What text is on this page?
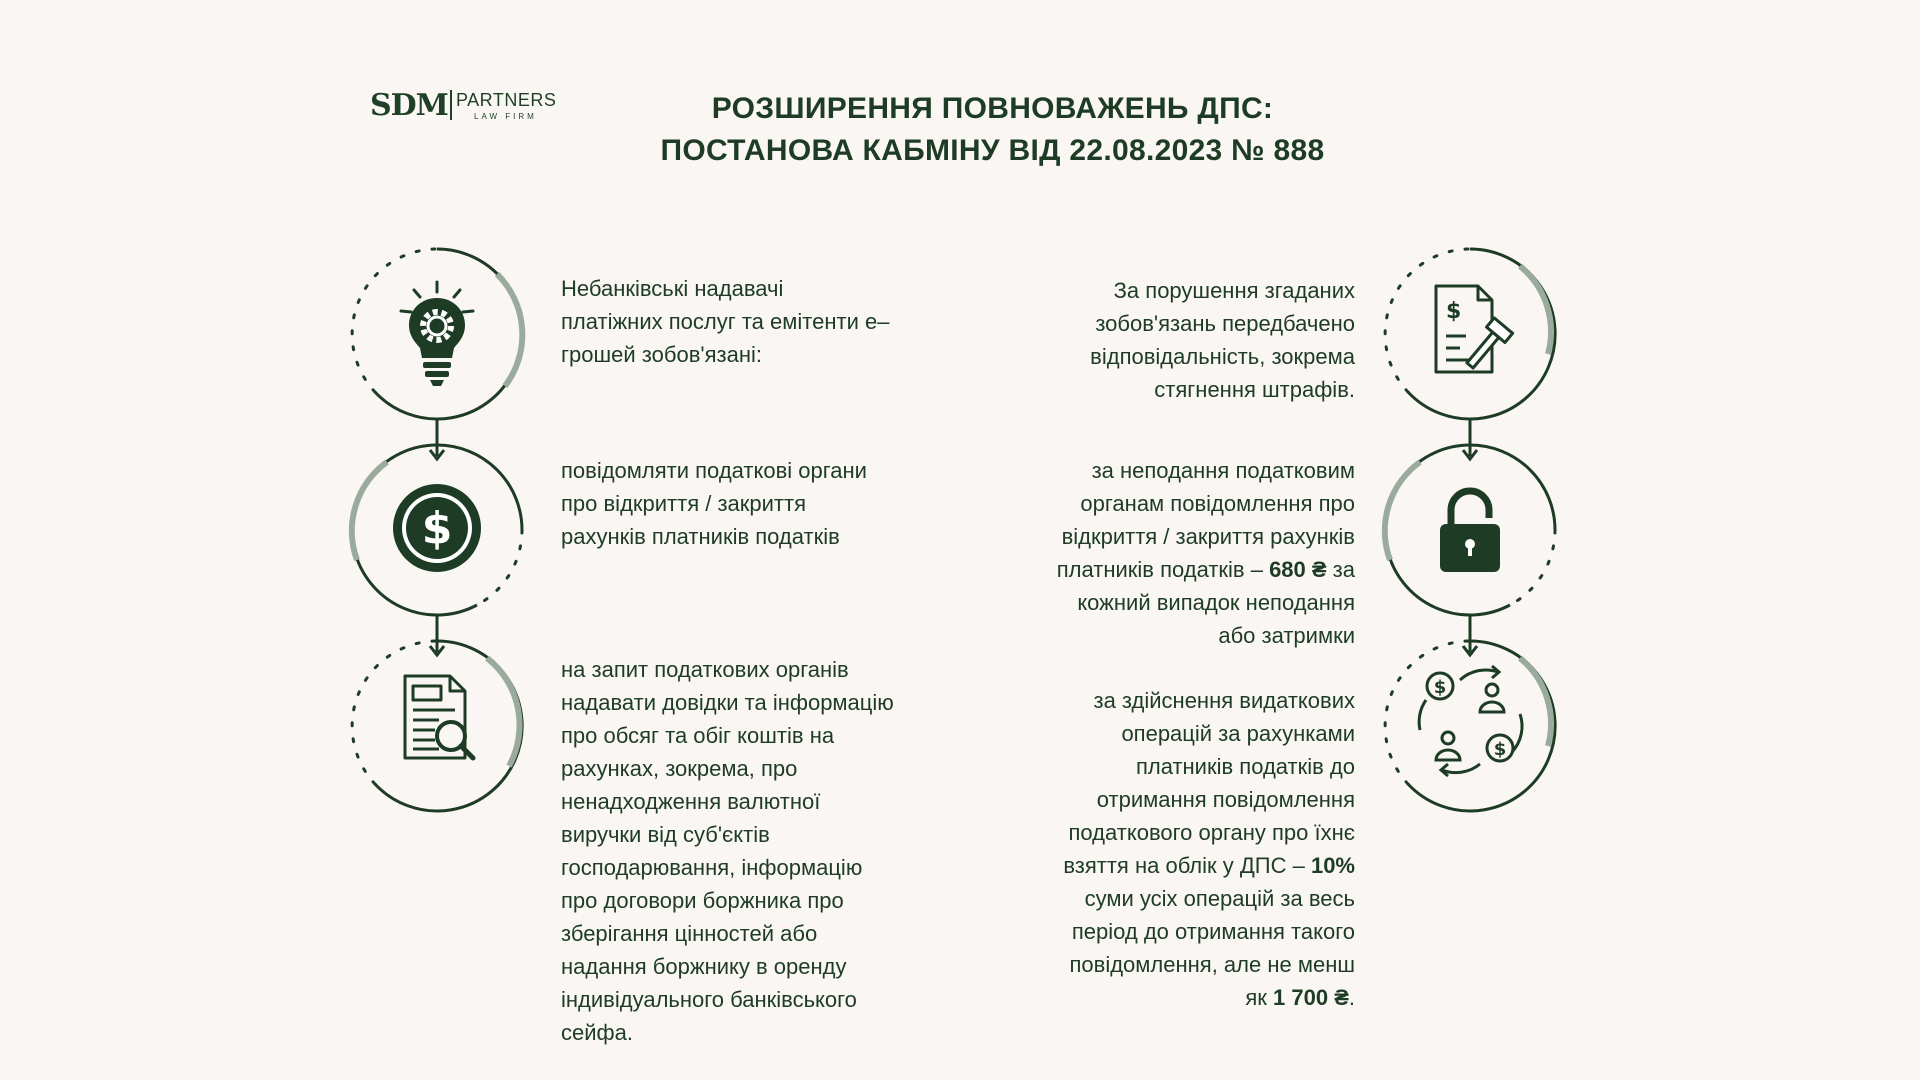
SDM PARTNERS
LAW FIRM	РОЗШИРЕННЯ ПОВНОВАЖЕНЬ ДПС:
ПОСТАНОВА КАБМІНУ ВІД 22.08.2023 № 888
$
$
$
$
Небанківські надавачі
платіжних послуг та емітенти е–
грошей зобов'язані:
повідомляти податкові органи
про відкриття / закриття
рахунків платників податків
на запит податкових органів
надавати довідки та інформацію
про обсяг та обіг коштів на
рахунках, зокрема, про
ненадходження валютної
виручки від суб'єктів
господарювання, інформацію
про договори боржника про
зберігання цінностей або
надання боржнику в оренду
індивідуального банківського
сейфа.
За порушення згаданих
зобов'язань передбачено
відповідальність, зокрема
стягнення штрафів.
за неподання податковим
органам повідомлення про
відкриття / закриття рахунків
платників податків – 680 ₴ за
кожний випадок неподання
або затримки
за здійснення видаткових
операцій за рахунками
платників податків до
отримання повідомлення
податкового органу про їхнє
взяття на облік у ДПС – 10%
суми усіх операцій за весь
період до отримання такого
повідомлення, але не менш
як 1 700 ₴.
